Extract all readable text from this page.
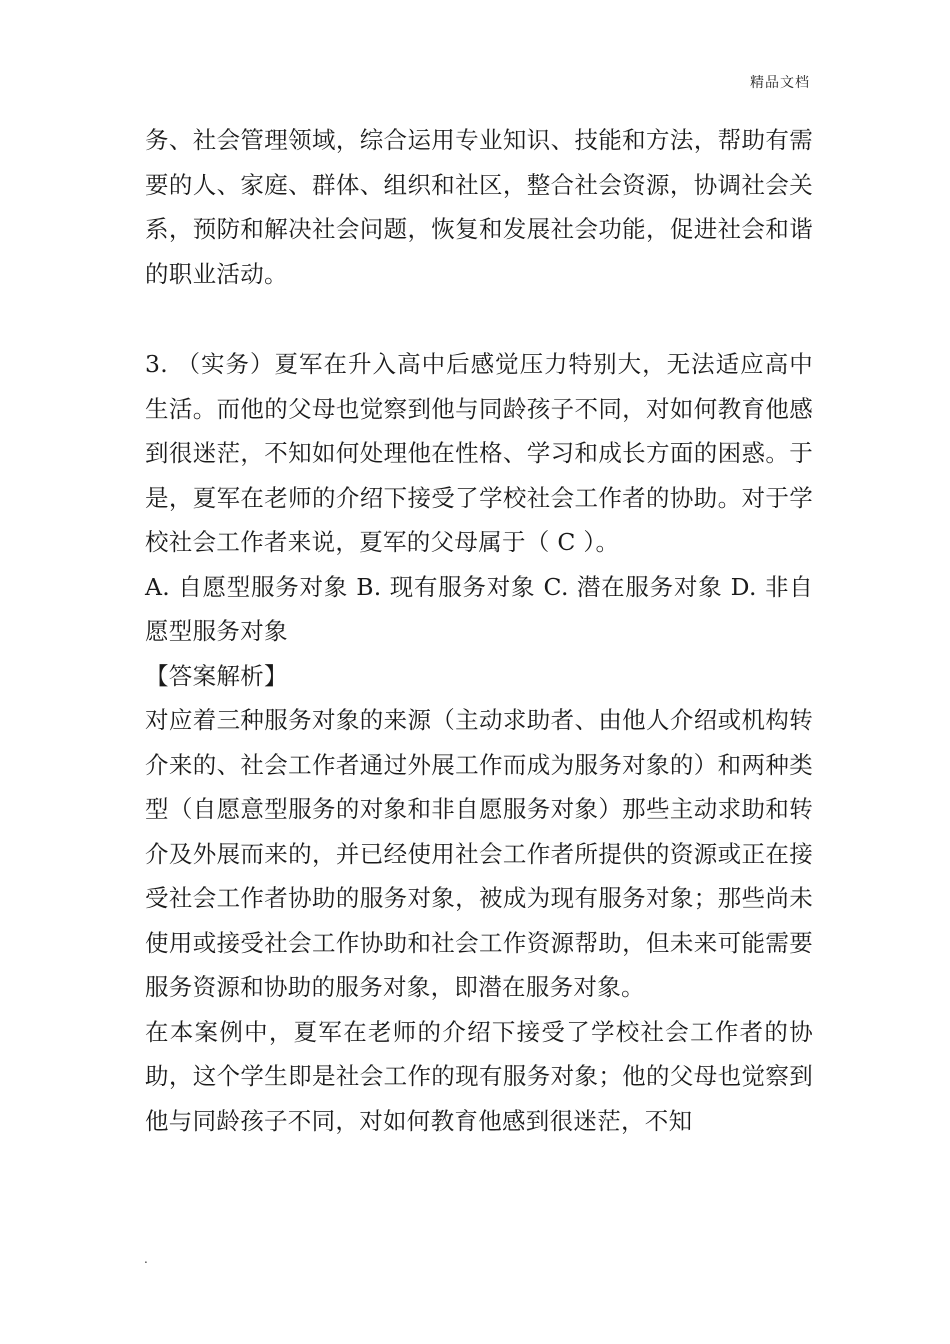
精品文档

务、社会管理领域，综合运用专业知识、技能和方法，帮助有需要的人、家庭、群体、组织和社区，整合社会资源，协调社会关系，预防和解决社会问题，恢复和发展社会功能，促进社会和谐的职业活动。

3. （实务）夏军在升入高中后感觉压力特别大，无法适应高中生活。而他的父母也觉察到他与同龄孩子不同，对如何教育他感到很迷茫，不知如何处理他在性格、学习和成长方面的困惑。于是，夏军在老师的介绍下接受了学校社会工作者的协助。对于学校社会工作者来说，夏军的父母属于（ C ）。

A. 自愿型服务对象 B. 现有服务对象 C. 潜在服务对象 D. 非自愿型服务对象

【答案解析】

对应着三种服务对象的来源（主动求助者、由他人介绍或机构转介来的、社会工作者通过外展工作而成为服务对象的）和两种类型（自愿意型服务的对象和非自愿服务对象）那些主动求助和转介及外展而来的，并已经使用社会工作者所提供的资源或正在接受社会工作者协助的服务对象，被成为现有服务对象；那些尚未使用或接受社会工作协助和社会工作资源帮助，但未来可能需要服务资源和协助的服务对象，即潜在服务对象。

在本案例中，夏军在老师的介绍下接受了学校社会工作者的协助，这个学生即是社会工作的现有服务对象；他的父母也觉察到他与同龄孩子不同，对如何教育他感到很迷茫，不知

.
